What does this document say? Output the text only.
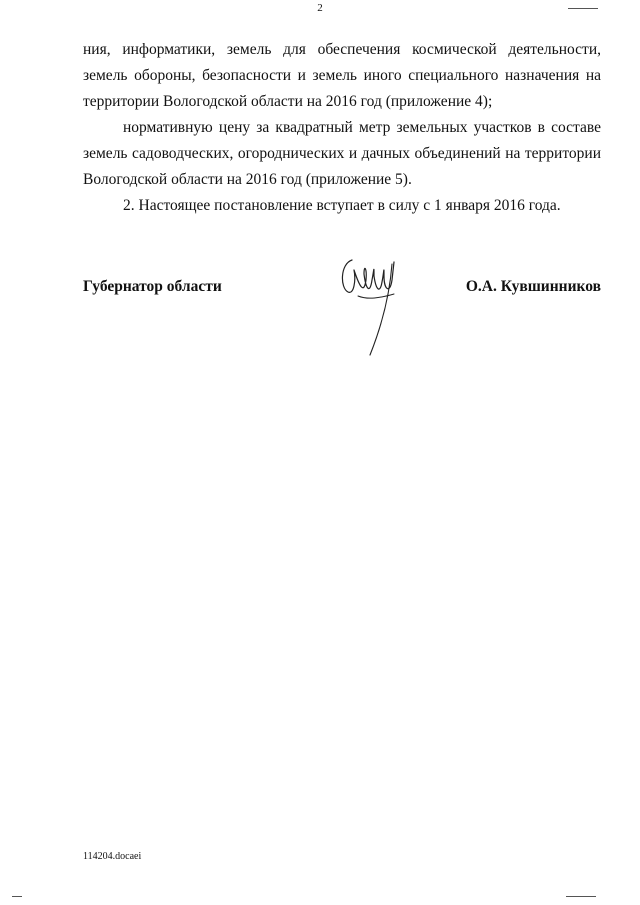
2

ния, информатики, земель для обеспечения космической деятельности, земель обороны, безопасности и земель иного специального назначения на территории Вологодской области на 2016 год (приложение 4);

нормативную цену за квадратный метр земельных участков в составе земель садоводческих, огороднических и дачных объединений на территории Вологодской области на 2016 год (приложение 5).

2. Настоящее постановление вступает в силу с 1 января 2016 года.

Губернатор области	О.А. Кувшинников
114204.docaei
